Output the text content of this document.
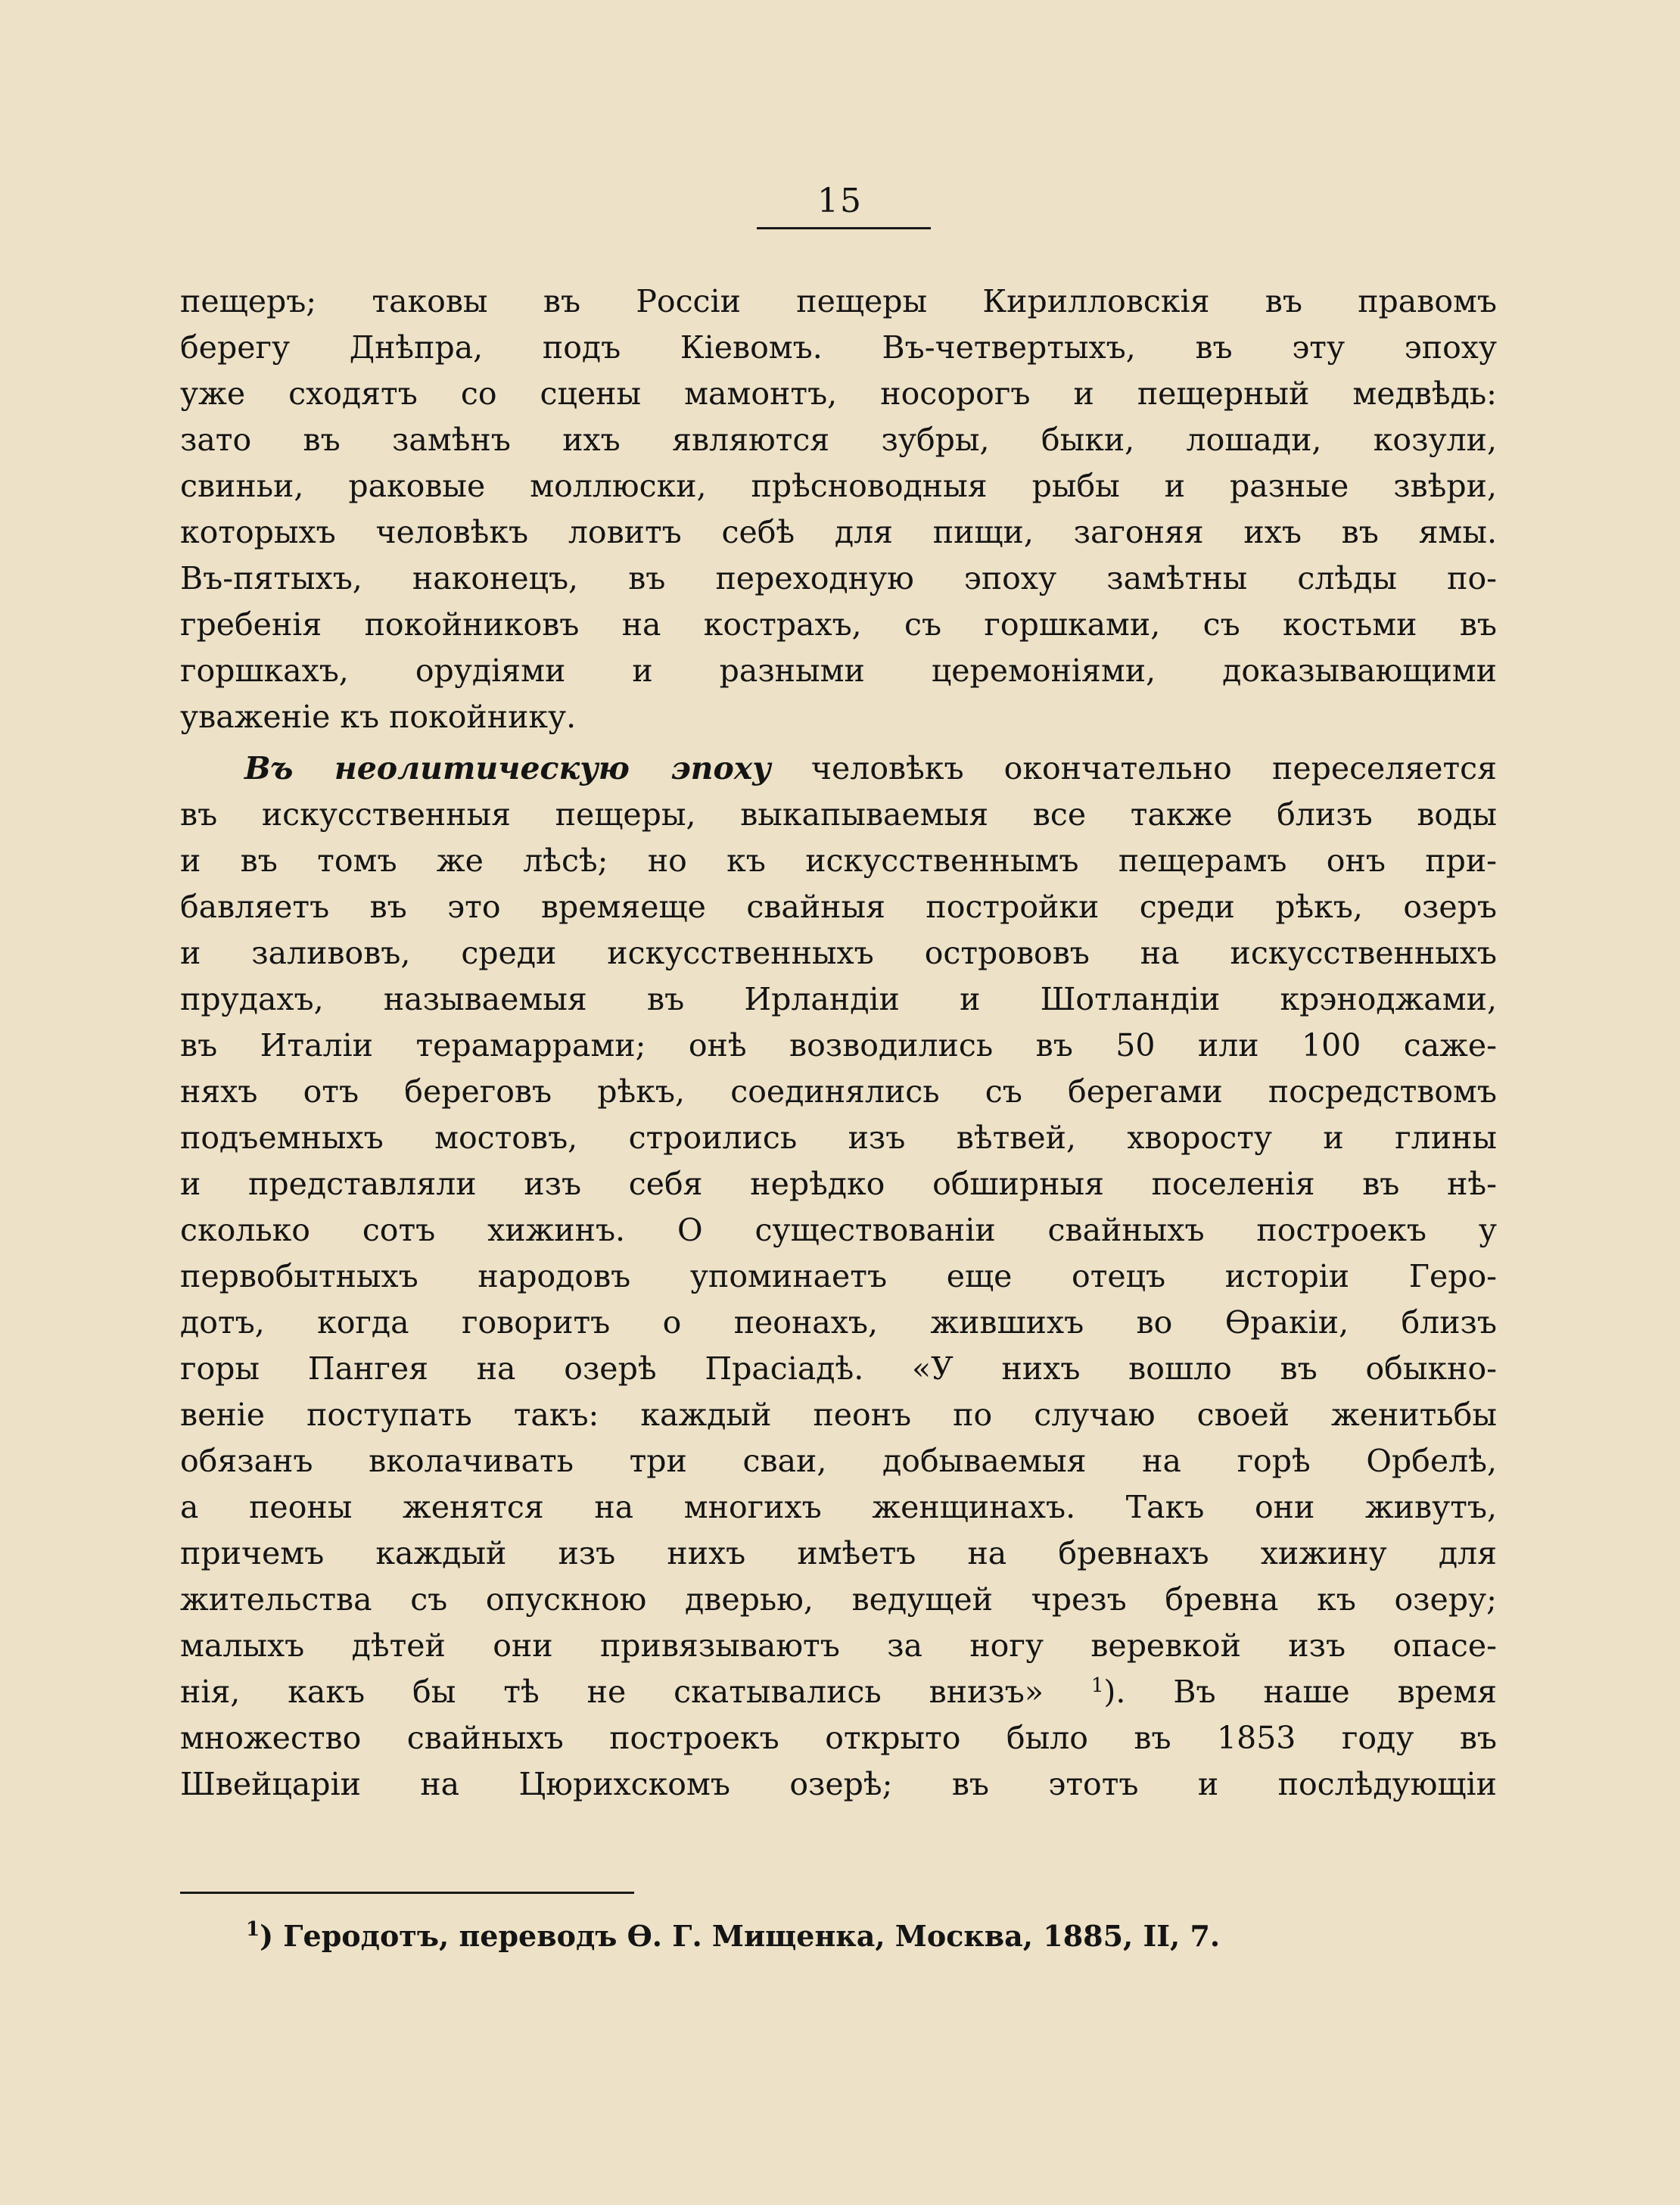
15
пещеръ; таковы въ Россіи пещеры Кирилловскія въ правомъ
берегу Днѣпра, подъ Кіевомъ. Въ-четвертыхъ, въ эту эпоху
уже сходятъ со сцены мамонтъ, носорогъ и пещерный медвѣдь:
зато въ замѣнъ ихъ являются зубры, быки, лошади, козули,
свиньи, раковые моллюски, прѣсноводныя рыбы и разные звѣри,
которыхъ человѣкъ ловитъ себѣ для пищи, загоняя ихъ въ ямы.
Въ-пятыхъ, наконецъ, въ переходную эпоху замѣтны слѣды по-
гребенія покойниковъ на кострахъ, съ горшками, съ костьми въ
горшкахъ, орудіями и разными церемоніями, доказывающими
уваженіе къ покойнику.
Въ неолитическую эпоху человѣкъ окончательно переселяется
въ искусственныя пещеры, выкапываемыя все также близъ воды
и въ томъ же лѣсѣ; но къ искусственнымъ пещерамъ онъ при-
бавляетъ въ это времяеще свайныя постройки среди рѣкъ, озеръ
и заливовъ, среди искусственныхъ острововъ на искусственныхъ
прудахъ, называемыя въ Ирландіи и Шотландіи крэноджами,
въ Италіи терамаррами; онѣ возводились въ 50 или 100 саже-
няхъ отъ береговъ рѣкъ, соединялись съ берегами посредствомъ
подъемныхъ мостовъ, строились изъ вѣтвей, хворосту и глины
и представляли изъ себя нерѣдко обширныя поселенія въ нѣ-
сколько сотъ хижинъ. О существованіи свайныхъ построекъ у
первобытныхъ народовъ упоминаетъ еще отецъ исторіи Геро-
дотъ, когда говоритъ о пеонахъ, жившихъ во Ѳракіи, близъ
горы Пангея на озерѣ Прасіадѣ. «У нихъ вошло въ обыкно-
веніе поступать такъ: каждый пеонъ по случаю своей женитьбы
обязанъ вколачивать три сваи, добываемыя на горѣ Орбелѣ,
а пеоны женятся на многихъ женщинахъ. Такъ они живутъ,
причемъ каждый изъ нихъ имѣетъ на бревнахъ хижину для
жительства съ опускною дверью, ведущей чрезъ бревна къ озеру;
малыхъ дѣтей они привязываютъ за ногу веревкой изъ опасе-
нія, какъ бы тѣ не скатывались внизъ» $^1$). Въ наше время
множество свайныхъ построекъ открыто было въ 1853 году въ
Швейцаріи на Цюрихскомъ озерѣ; въ этотъ и послѣдующіи
$^1$) Геродотъ, переводъ Ѳ. Г. Мищенка, Москва, 1885, II, 7.
